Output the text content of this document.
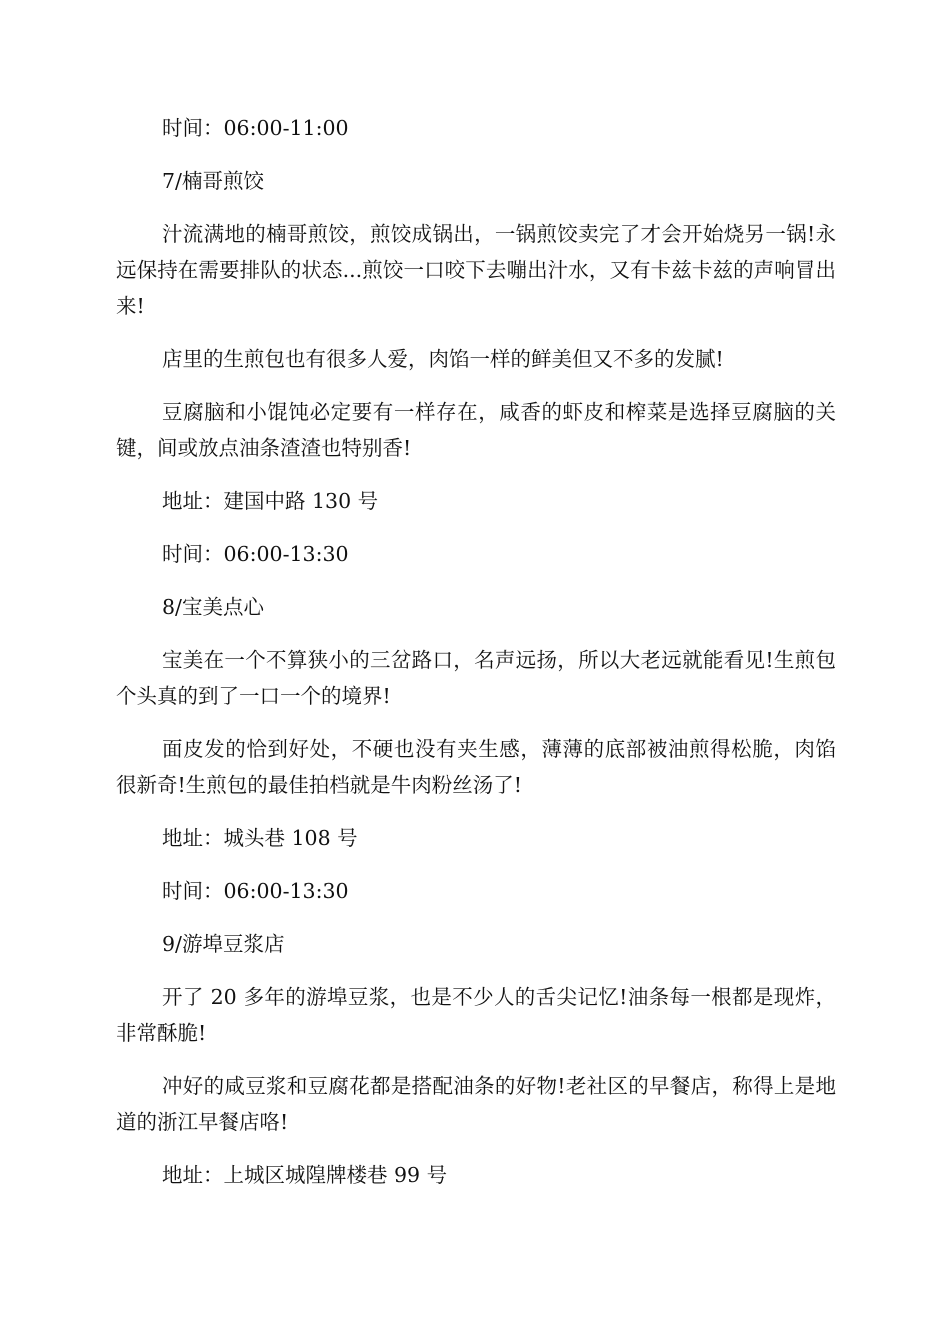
时间：06:00-11:00

7/楠哥煎饺

汁流满地的楠哥煎饺，煎饺成锅出，一锅煎饺卖完了才会开始烧另一锅!永远保持在需要排队的状态...煎饺一口咬下去嘣出汁水，又有卡兹卡兹的声响冒出来!

店里的生煎包也有很多人爱，肉馅一样的鲜美但又不多的发腻!

豆腐脑和小馄饨必定要有一样存在，咸香的虾皮和榨菜是选择豆腐脑的关键，间或放点油条渣渣也特别香!

地址：建国中路 130 号

时间：06:00-13:30

8/宝美点心

宝美在一个不算狭小的三岔路口，名声远扬，所以大老远就能看见!生煎包个头真的到了一口一个的境界!

面皮发的恰到好处，不硬也没有夹生感，薄薄的底部被油煎得松脆，肉馅很新奇!生煎包的最佳拍档就是牛肉粉丝汤了!

地址：城头巷 108 号

时间：06:00-13:30

9/游埠豆浆店

开了 20 多年的游埠豆浆，也是不少人的舌尖记忆!油条每一根都是现炸，非常酥脆!

冲好的咸豆浆和豆腐花都是搭配油条的好物!老社区的早餐店，称得上是地道的浙江早餐店咯!

地址：上城区城隍牌楼巷 99 号
